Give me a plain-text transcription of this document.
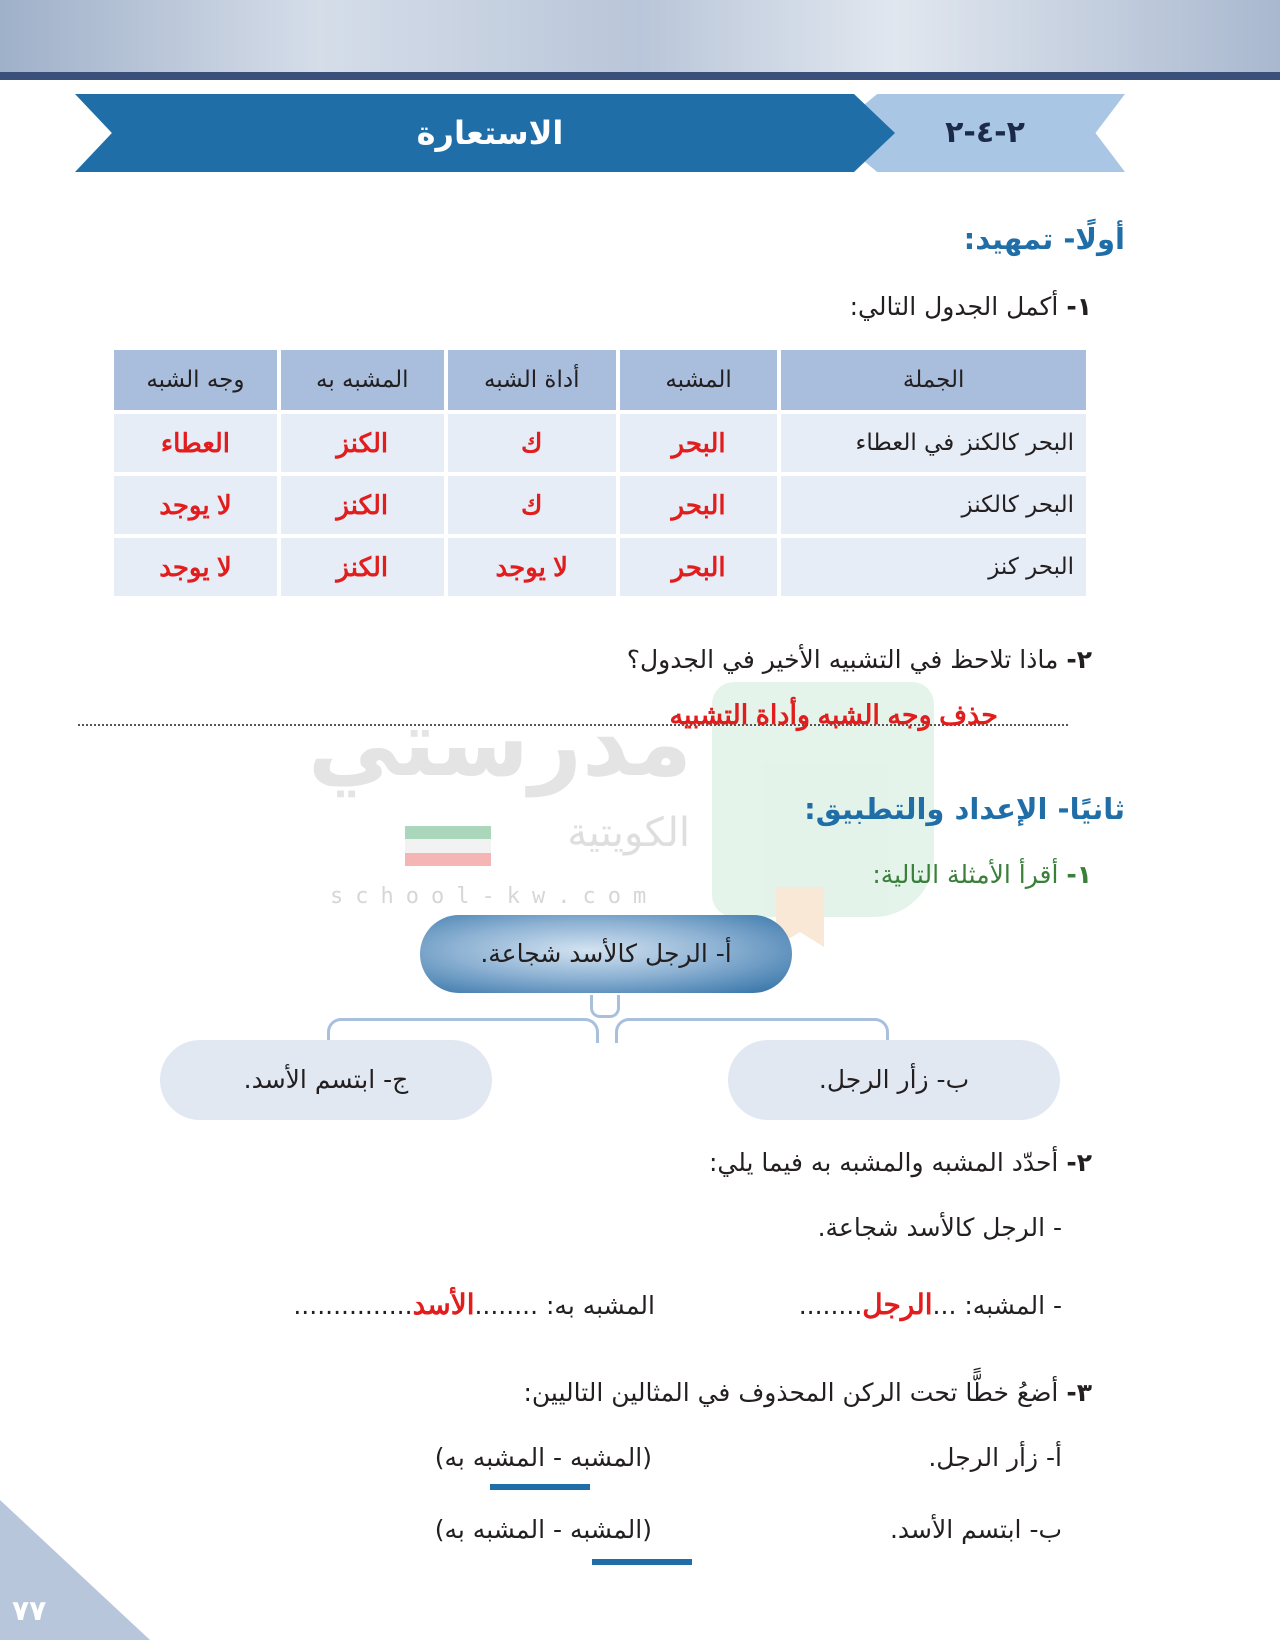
٢-٤-٢
الاستعارة
مدرستي
الكويتية
school-kw.com
أولًا- تمهيد:
١- أكمل الجدول التالي:
الجملة	المشبه	أداة الشبه	المشبه به	وجه الشبه
البحر كالكنز في العطاء	البحر	ك	الكنز	العطاء
البحر كالكنز	البحر	ك	الكنز	لا يوجد
البحر كنز	البحر	لا يوجد	الكنز	لا يوجد
٢- ماذا تلاحظ في التشبيه الأخير في الجدول؟
حذف وجه الشبه وأداة التشبيه
ثانيًا- الإعداد والتطبيق:
١- أقرأ الأمثلة التالية:
أ- الرجل كالأسد شجاعة.
ب- زأر الرجل.
ج- ابتسم الأسد.
٢- أحدّد المشبه والمشبه به فيما يلي:
- الرجل كالأسد شجاعة.
- المشبه: ...الرجل........
المشبه به: ........الأسد...............
٣- أضعُ خطًّا تحت الركن المحذوف في المثالين التاليين:
أ- زأر الرجل.
(المشبه - المشبه به)
ب- ابتسم الأسد.
(المشبه - المشبه به)
٧٧
